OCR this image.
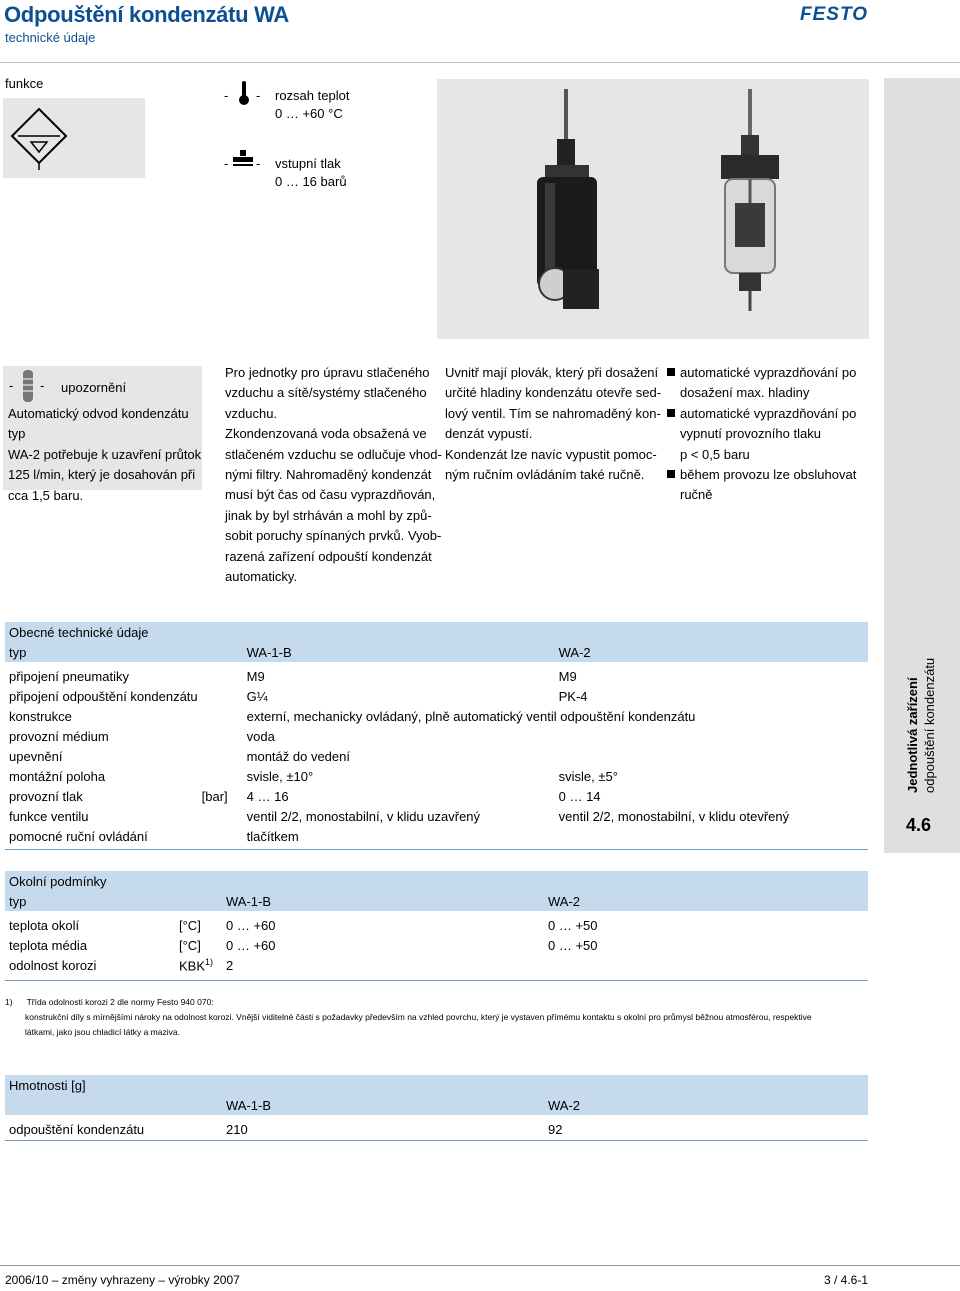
Odpouštění kondenzátu WA
technické údaje
FESTO
funkce
- - rozsah teplot
0 … +60 °C
- - vstupní tlak
0 … 16 barů
- - upozornění
Automatický odvod kondenzátu typ
WA-2 potřebuje k uzavření průtok
125 l/min, který je dosahován při
cca 1,5 baru.
Pro jednotky pro úpravu stlačeného
vzduchu a sítě/systémy stlačeného
vzduchu.
Zkondenzovaná voda obsažená ve
stlačeném vzduchu se odlučuje vhod-
nými filtry. Nahromaděný kondenzát
musí být čas od času vyprazdňován,
jinak by byl strháván a mohl by způ-
sobit poruchy spínaných prvků. Vyob-
razená zařízení odpouští kondenzát
automaticky.
Uvnitř mají plovák, který při dosažení
určité hladiny kondenzátu otevře sed-
lový ventil. Tím se nahromaděný kon-
denzát vypustí.
Kondenzát lze navíc vypustit pomoc-
ným ručním ovládáním také ručně.
automatické vyprazdňování po
dosažení max. hladiny
automatické vyprazdňování po
vypnutí provozního tlaku
p < 0,5 baru
během provozu lze obsluhovat
ručně
Jednotlivá zařízení odpouštění kondenzátu
4.6
Obecné technické údaje			
typ		WA-1-B	WA-2

připojení pneumatiky		M9	M9
připojení odpouštění kondenzátu		G¼	PK-4
konstrukce		externí, mechanicky ovládaný, plně automatický ventil odpouštění kondenzátu	
provozní médium		voda	
upevnění		montáž do vedení	
montážní poloha		svisle, ±10°	svisle, ±5°
provozní tlak	[bar]	4 … 16	0 … 14
funkce ventilu		ventil 2/2, monostabilní, v klidu uzavřený	ventil 2/2, monostabilní, v klidu otevřený
pomocné ruční ovládání		tlačítkem	
Okolní podmínky			
typ		WA-1-B	WA-2

teplota okolí	[°C]	0 … +60	0 … +50
teplota média	[°C]	0 … +60	0 … +50
odolnost korozi	KBK$^{1)}$	2	
1) Třída odolnosti korozi 2 dle normy Festo 940 070:
konstrukční díly s mírnějšími nároky na odolnost korozi. Vnější viditelné části s požadavky především na vzhled povrchu, který je vystaven přímému kontaktu s okolní pro průmysl běžnou atmosférou, respektive
látkami, jako jsou chladicí látky a maziva.
Hmotnosti [g]		
	WA-1-B	WA-2

odpouštění kondenzátu	210	92
2006/10 – změny vyhrazeny – výrobky 2007	3 / 4.6-1
